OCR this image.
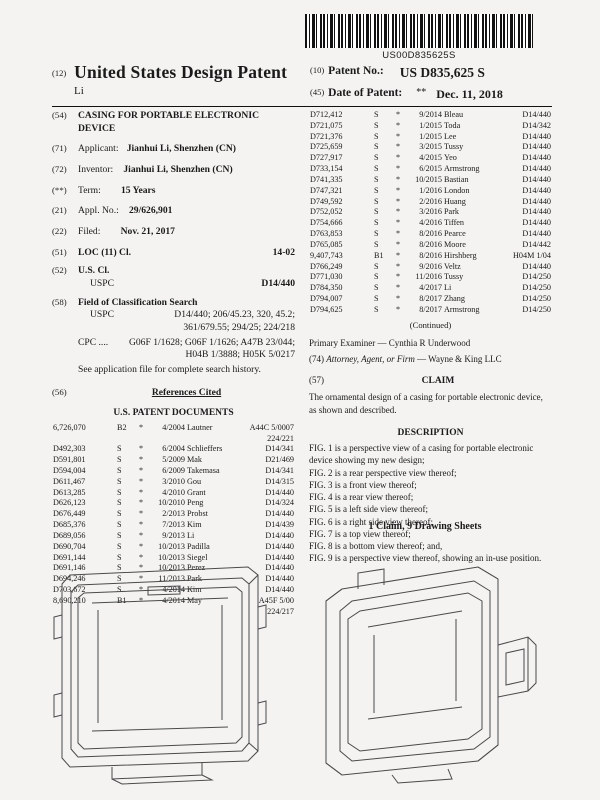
US00D835625S
$^{(12)}$ United States Design Patent
Li
(10) Patent No.: US D835,625 S
(45) Date of Patent: ** Dec. 11, 2018
(54)	CASING FOR PORTABLE ELECTRONIC DEVICE
(71)	Applicant: Jianhui Li, Shenzhen (CN)
(72)	Inventor: Jianhui Li, Shenzhen (CN)
(**)	Term: 15 Years
(21)	Appl. No.: 29/626,901
(22)	Filed: Nov. 21, 2017
(51)	LOC (11) Cl.	14-02
(52)	U.S. Cl.
USPC	D14/440
(58)	Field of Classification Search
USPC	D14/440; 206/45.23, 320, 45.2;
361/679.55; 294/25; 224/218
CPC ....	G06F 1/1628; G06F 1/1626; A47B 23/044;
H04B 1/3888; H05K 5/0217
See application file for complete search history.
(56)	References Cited
U.S. PATENT DOCUMENTS
6,726,070	B2	*	4/2004	Lautner	A44C 5/0007
					224/221
D492,303	S	*	6/2004	Schlieffers	D14/341
D591,801	S	*	5/2009	Mak	D21/469
D594,004	S	*	6/2009	Takemasa	D14/341
D611,467	S	*	3/2010	Gou	D14/315
D613,285	S	*	4/2010	Grant	D14/440
D626,123	S	*	10/2010	Peng	D14/324
D676,449	S	*	2/2013	Probst	D14/440
D685,376	S	*	7/2013	Kim	D14/439
D689,056	S	*	9/2013	Li	D14/440
D690,704	S	*	10/2013	Padilla	D14/440
D691,144	S	*	10/2013	Siegel	D14/440
D691,146	S	*	10/2013	Perez	D14/440
D694,246	S	*	11/2013	Park	D14/440
D703,672	S	*	4/2014	Kim	D14/440
8,690,210	B1	*	4/2014	May	A45F 5/00
					224/217
D712,412	S	*	9/2014	Bleau	D14/440
D721,075	S	*	1/2015	Toda	D14/342
D721,376	S	*	1/2015	Lee	D14/440
D725,659	S	*	3/2015	Tussy	D14/440
D727,917	S	*	4/2015	Yeo	D14/440
D733,154	S	*	6/2015	Armstrong	D14/440
D741,335	S	*	10/2015	Bastian	D14/440
D747,321	S	*	1/2016	London	D14/440
D749,592	S	*	2/2016	Huang	D14/440
D752,052	S	*	3/2016	Park	D14/440
D754,666	S	*	4/2016	Tiffen	D14/440
D763,853	S	*	8/2016	Pearce	D14/440
D765,085	S	*	8/2016	Moore	D14/442
9,407,743	B1	*	8/2016	Hirshberg	H04M 1/04
D766,249	S	*	9/2016	Veltz	D14/440
D771,030	S	*	11/2016	Tussy	D14/250
D784,350	S	*	4/2017	Li	D14/250
D794,007	S	*	8/2017	Zhang	D14/250
D794,625	S	*	8/2017	Armstrong	D14/250
(Continued)
Primary Examiner — Cynthia R Underwood
(74) Attorney, Agent, or Firm — Wayne & King LLC
(57)	CLAIM
The ornamental design of a casing for portable electronic device, as shown and described.
DESCRIPTION
FIG. 1 is a perspective view of a casing for portable electronic device showing my new design;
FIG. 2 is a rear perspective view thereof;
FIG. 3 is a front view thereof;
FIG. 4 is a rear view thereof;
FIG. 5 is a left side view thereof;
FIG. 6 is a right side view thereof;
FIG. 7 is a top view thereof;
FIG. 8 is a bottom view thereof; and,
FIG. 9 is a perspective view thereof, showing an in-use position.
1 Claim, 9 Drawing Sheets
